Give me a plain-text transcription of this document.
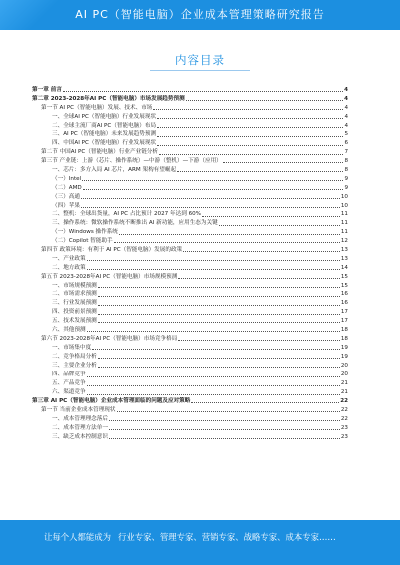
AI PC（智能电脑）企业成本管理策略研究报告
内容目录
第一章 前言	4
第二章 2023-2028年AI PC（智能电脑）市场发展趋势预测	4
第一节 AI PC（智能电脑）发展、技术、市场	4
一、全球AI PC（智能电脑）行业发展现状	4
二、全球主流厂商AI PC（智能电脑）布局	4
三、AI PC（智能电脑）未来发展趋势预测	5
四、中国AI PC（智能电脑）行业发展现状	6
第二节 中国AI PC（智能电脑）行业产业链分析	7
第三节 产业链：上游（芯片、操作系统）—中游（整机）—下游（应用）	8
一、芯片：多方入局 AI 芯片，ARM 架构有望崛起	8
（一）Intel	9
（二）AMD	9
（三）高通	10
（四）苹果	10
二、整机：全球出货量，AI PC 占比预计 2027 年达到 60%	11
三、操作系统：微软操作系统不断推出 AI 新功能，应用生态为关键	11
（一）Windows 操作系统	11
（二）Copilot 智能助手	12
第四节 政策环境：有利于 AI PC（智能电脑）发展的政策	13
一、产业政策	13
二、地方政策	14
第五节 2023-2028年AI PC（智能电脑）市场规模预测	15
一、市场规模预测	15
二、市场需求预测	16
三、行业发展预测	16
四、投资前景预测	17
五、技术发展预测	17
六、其他预测	18
第六节 2023-2028年AI PC（智能电脑）市场竞争格局	18
一、市场集中度	19
二、竞争格局分析	19
三、主要企业分析	20
四、品牌竞争	20
五、产品竞争	21
六、渠道竞争	21
第三章 AI PC（智能电脑）企业成本管理面临的问题及应对策略	22
第一节 当前企业成本管理现状	22
一、成本管理理念落后	22
二、成本管理方法单一	23
三、缺乏成本控制意识	23
让每个人都能成为 行业专家、管理专家、营销专家、战略专家、成本专家……
